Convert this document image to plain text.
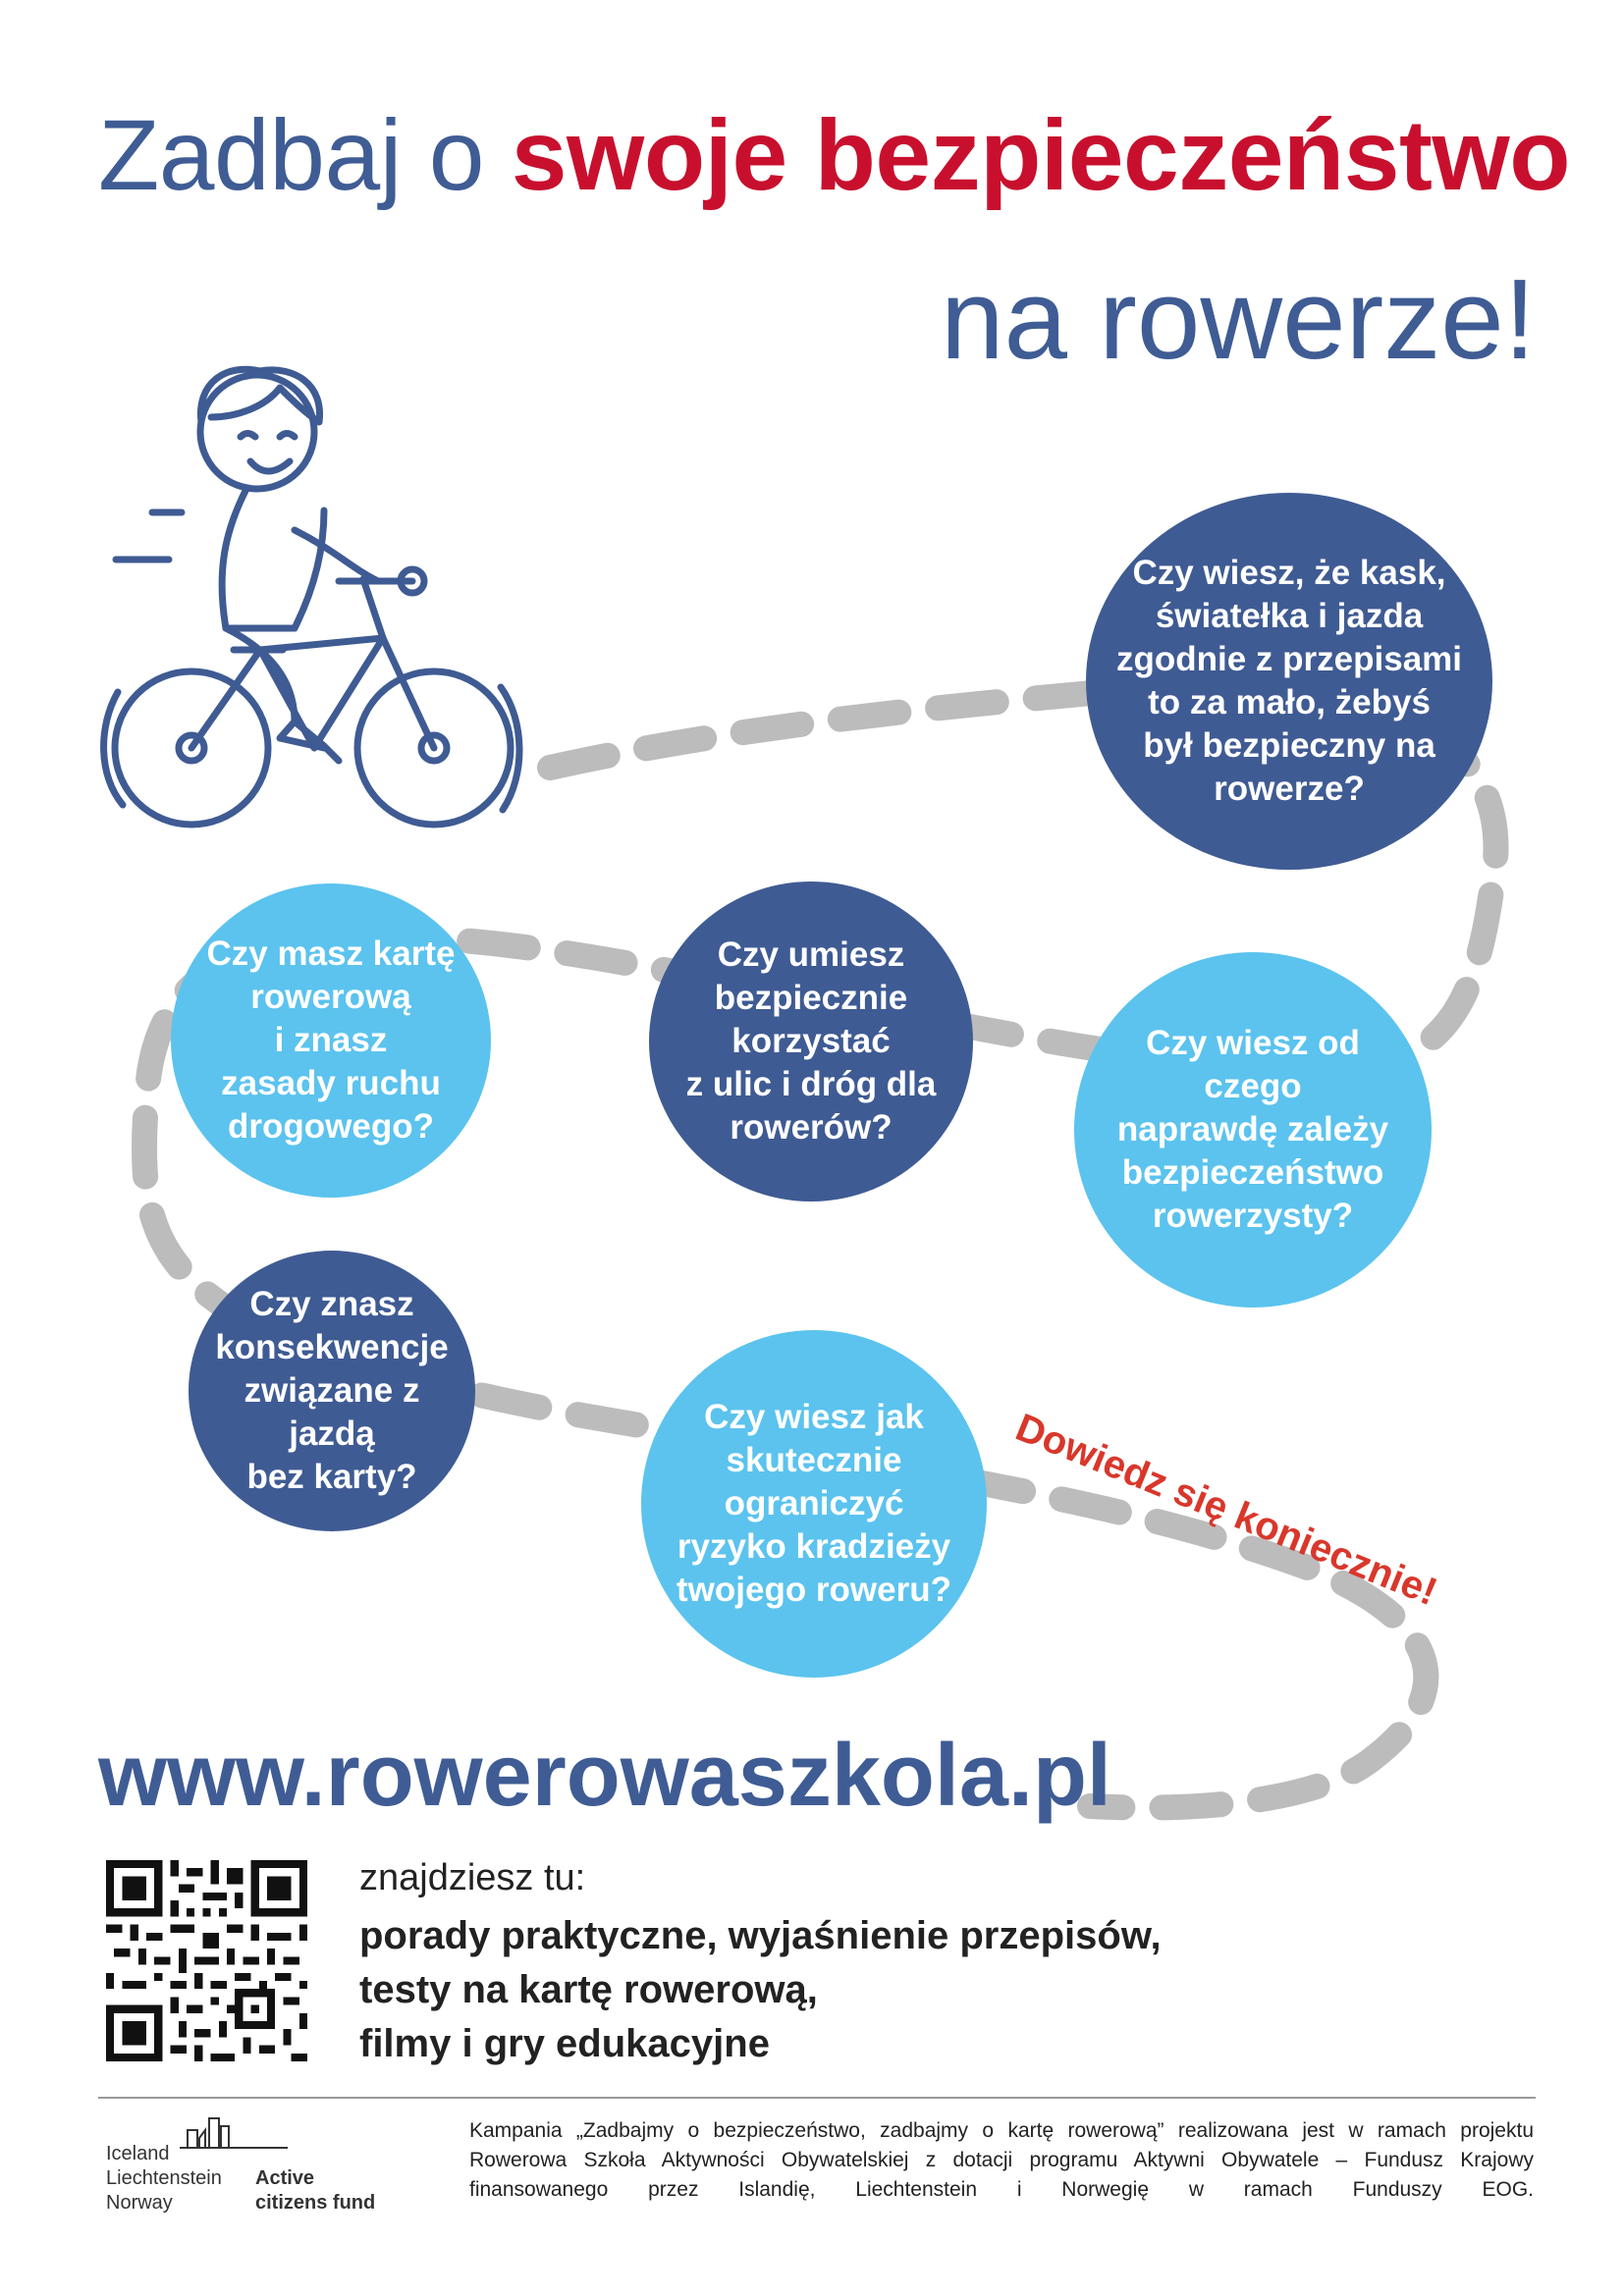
Zadbaj o swoje bezpieczeństwo
na rowerze!
Czy wiesz, że kask,
światełka i jazda
zgodnie z przepisami
to za mało, żebyś
był bezpieczny na
rowerze?
Czy masz kartę
rowerową
i znasz
zasady ruchu
drogowego?
Czy umiesz
bezpiecznie
korzystać
z ulic i dróg dla
rowerów?
Czy wiesz od czego
naprawdę zależy
bezpieczeństwo
rowerzysty?
Czy znasz
konsekwencje
związane z jazdą
bez karty?
Czy wiesz jak
skutecznie
ograniczyć
ryzyko kradzieży
twojego roweru? Dowiedz się koniecznie!
www.rowerowaszkola.pl
znajdziesz tu:
porady praktyczne, wyjaśnienie przepisów,
testy na kartę rowerową,
filmy i gry edukacyjne
Iceland
Liechtenstein
Norway
Active
citizens fund
Kampania „Zadbajmy o bezpieczeństwo, zadbajmy o kartę rowerową” realizowana jest w ramach projektu Rowerowa Szkoła Aktywności Obywatelskiej z dotacji programu Aktywni Obywatele – Fundusz Krajowy finansowanego przez Islandię, Liechtenstein i Norwegię w ramach Funduszy EOG.
